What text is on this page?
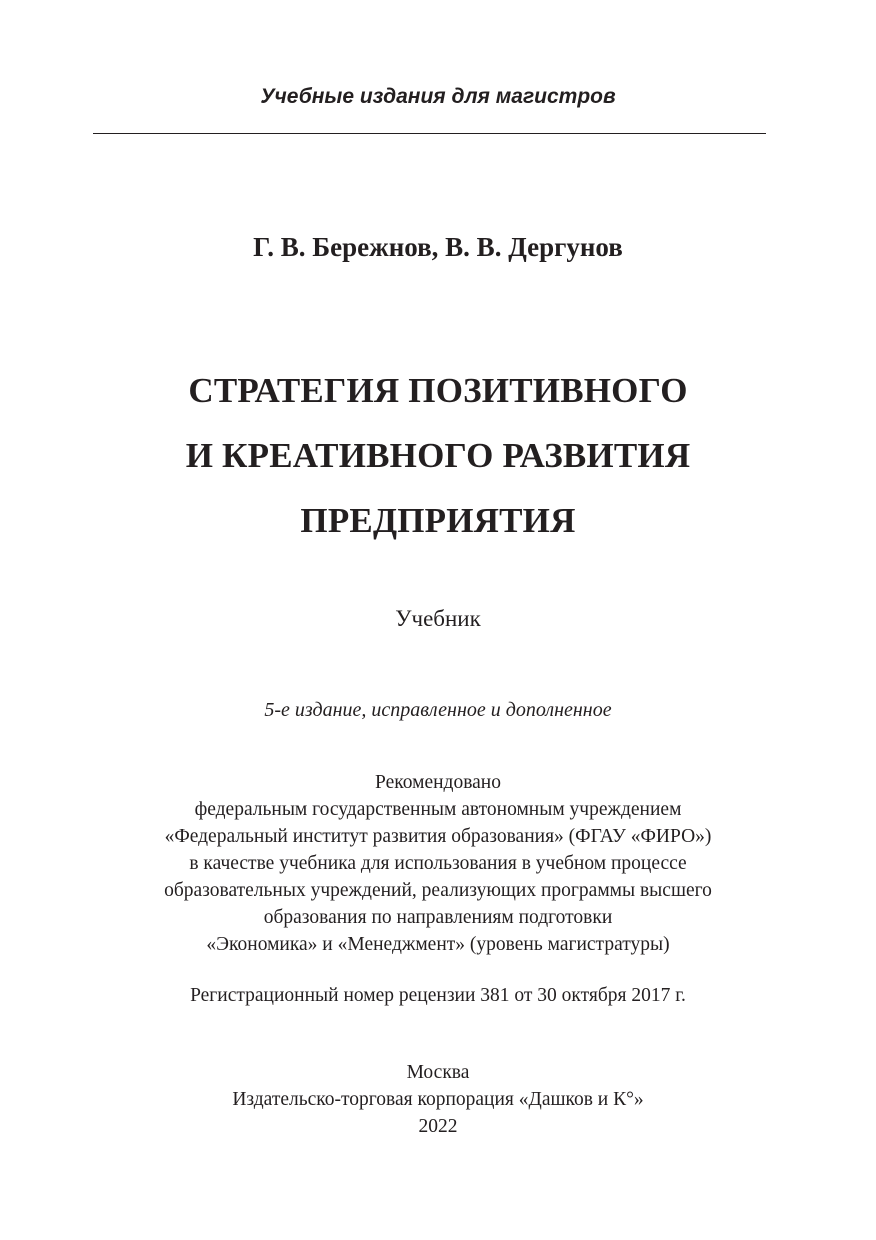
Учебные издания для магистров
Г. В. Бережнов, В. В. Дергунов
СТРАТЕГИЯ ПОЗИТИВНОГО
И КРЕАТИВНОГО РАЗВИТИЯ
ПРЕДПРИЯТИЯ
Учебник
5-е издание, исправленное и дополненное
Рекомендовано
федеральным государственным автономным учреждением
«Федеральный институт развития образования» (ФГАУ «ФИРО»)
в качестве учебника для использования в учебном процессе
образовательных учреждений, реализующих программы высшего
образования по направлениям подготовки
«Экономика» и «Менеджмент» (уровень магистратуры)
Регистрационный номер рецензии 381 от 30 октября 2017 г.
Москва
Издательско-торговая корпорация «Дашков и К°»
2022
